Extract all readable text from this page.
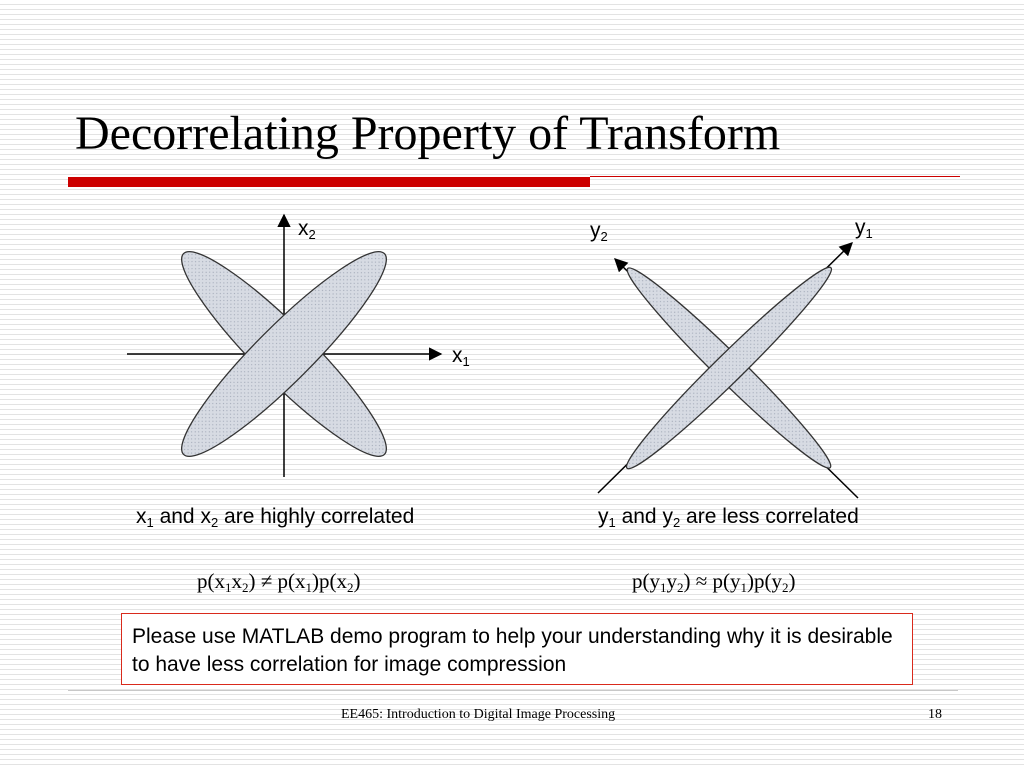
Decorrelating Property of Transform
$x_2$
$x_1$
$y_2$	$y_1$
$x_1$ and $x_2$ are highly correlated	$y_1$ and $y_2$ are less correlated
$p(x_1x_2) \ne p(x_1)p(x_2)$	$p(y_1y_2) \approx p(y_1)p(y_2)$
Please use MATLAB demo program to help your understanding why it is desirable to have less correlation for image compression
EE465: Introduction to Digital Image Processing	18
